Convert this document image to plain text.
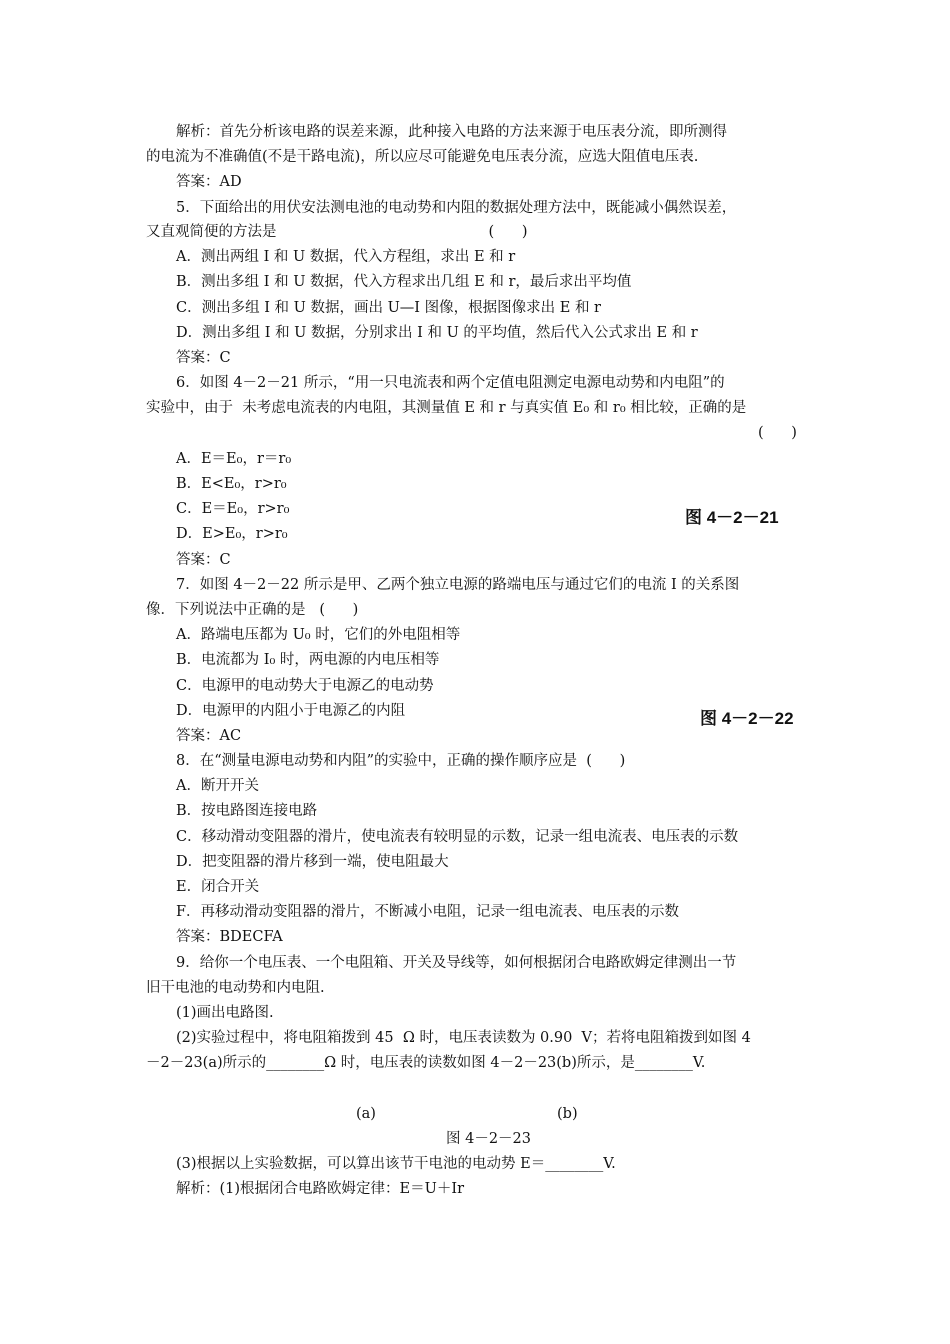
解析：首先分析该电路的误差来源，此种接入电路的方法来源于电压表分流，即所测得
的电流为不准确值(不是干路电流)，所以应尽可能避免电压表分流，应选大阻值电压表.
答案：AD
5．下面给出的用伏安法测电池的电动势和内阻的数据处理方法中，既能减小偶然误差，
又直观简便的方法是                                              (      )
A．测出两组 I 和 U 数据，代入方程组，求出 E 和 r
B．测出多组 I 和 U 数据，代入方程求出几组 E 和 r，最后求出平均值
C．测出多组 I 和 U 数据，画出 U—I 图像，根据图像求出 E 和 r
D．测出多组 I 和 U 数据，分别求出 I 和 U 的平均值，然后代入公式求出 E 和 r
答案：C
6．如图 4－2－21 所示，“用一只电流表和两个定值电阻测定电源电动势和内电阻”的
实验中，由于  未考虑电流表的内电阻，其测量值 E 和 r 与真实值 E₀ 和 r₀ 相比较，正确的是
(      )
A．E＝E₀，r＝r₀
B．E<E₀，r>r₀
C．E＝E₀，r>r₀	图 4－2－21
D．E>E₀，r>r₀
答案：C
7．如图 4－2－22 所示是甲、乙两个独立电源的路端电压与通过它们的电流 I 的关系图
像．下列说法中正确的是   (      )
A．路端电压都为 U₀ 时，它们的外电阻相等
B．电流都为 I₀ 时，两电源的内电压相等
C．电源甲的电动势大于电源乙的电动势
D．电源甲的内阻小于电源乙的内阻	图 4－2－22
答案：AC
8．在“测量电源电动势和内阻”的实验中，正确的操作顺序应是  (      )
A．断开开关
B．按电路图连接电路
C．移动滑动变阻器的滑片，使电流表有较明显的示数，记录一组电流表、电压表的示数
D．把变阻器的滑片移到一端，使电阻最大
E．闭合开关
F．再移动滑动变阻器的滑片，不断减小电阻，记录一组电流表、电压表的示数
答案：BDECFA
9．给你一个电压表、一个电阻箱、开关及导线等，如何根据闭合电路欧姆定律测出一节
旧干电池的电动势和内电阻.
(1)画出电路图.
(2)实验过程中，将电阻箱拨到 45  Ω 时，电压表读数为 0.90  V；若将电阻箱拨到如图 4
－2－23(a)所示的________Ω 时，电压表的读数如图 4－2－23(b)所示，是________V.
(a)	(b)
图 4－2－23
(3)根据以上实验数据，可以算出该节干电池的电动势 E＝________V.
解析：(1)根据闭合电路欧姆定律：E＝U＋Ir
